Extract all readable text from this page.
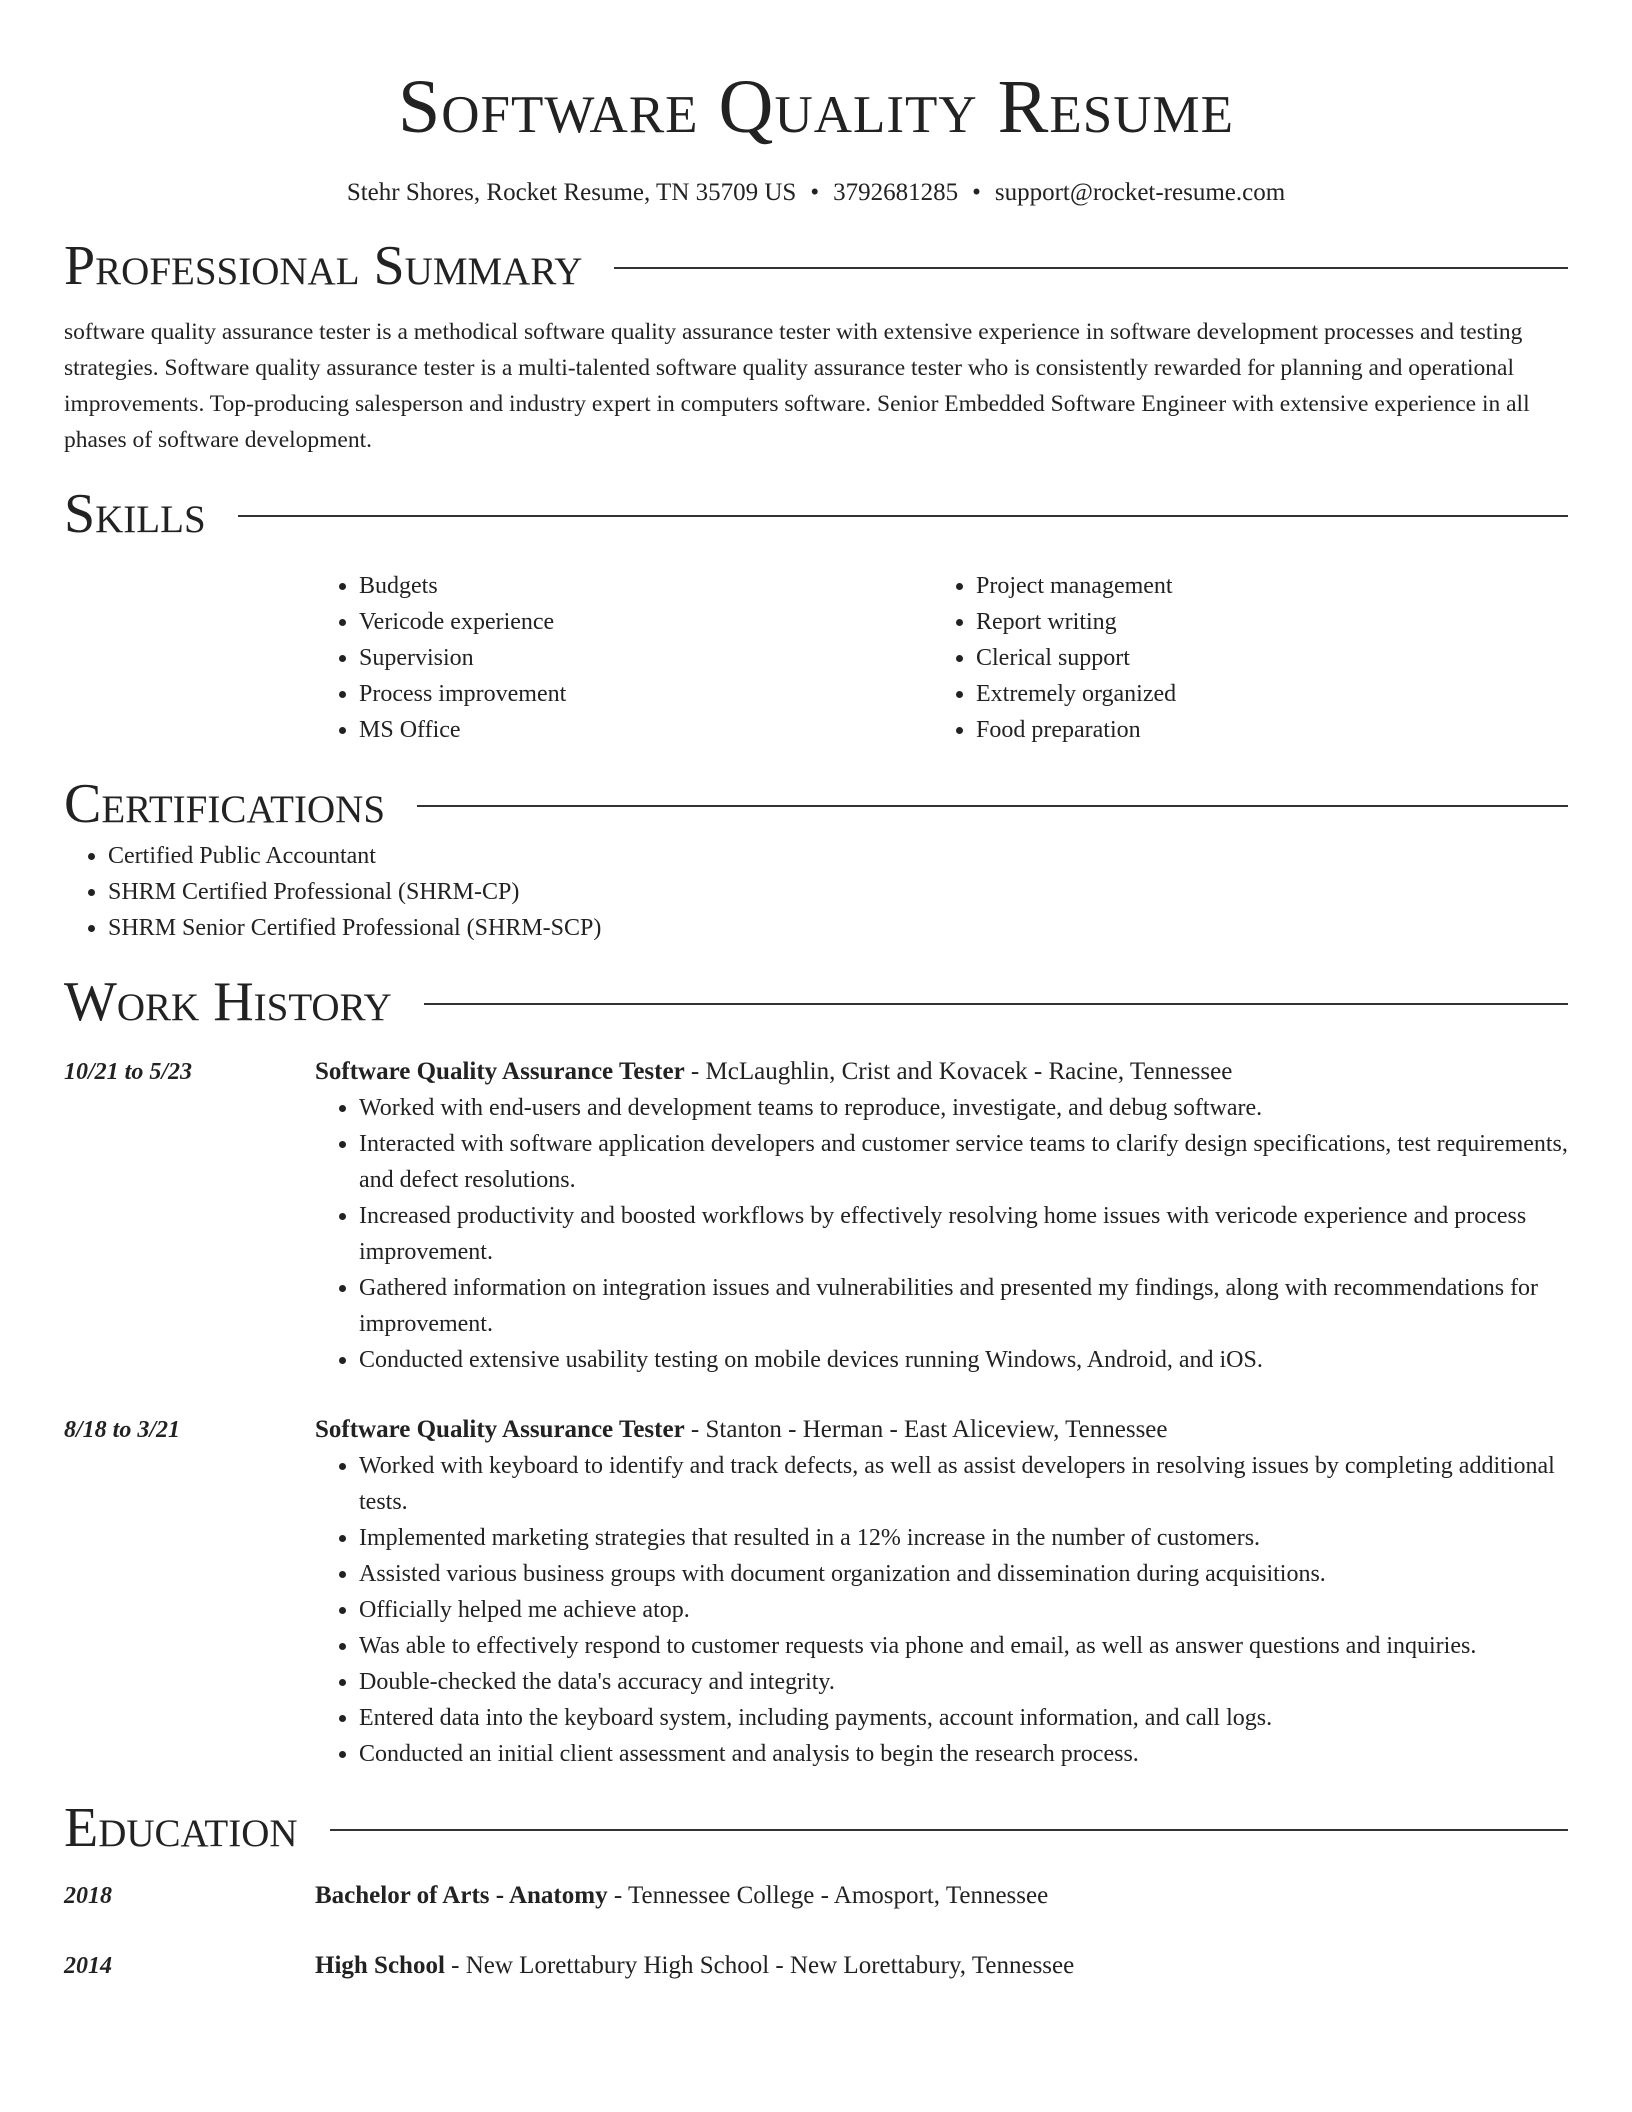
Software Quality Resume
Stehr Shores, Rocket Resume, TN 35709 US • 3792681285 • support@rocket-resume.com
Professional Summary

software quality assurance tester is a methodical software quality assurance tester with extensive experience in software development processes and testing strategies. Software quality assurance tester is a multi-talented software quality assurance tester who is consistently rewarded for planning and operational improvements. Top-producing salesperson and industry expert in computers software. Senior Embedded Software Engineer with extensive experience in all phases of software development.

Skills
• Budgets
• Vericode experience
• Supervision
• Process improvement
• MS Office
• Project management
• Report writing
• Clerical support
• Extremely organized
• Food preparation
Certifications
• Certified Public Accountant
• SHRM Certified Professional (SHRM-CP)
• SHRM Senior Certified Professional (SHRM-SCP)
Work History
10/21 to 5/23	Software Quality Assurance Tester - McLaughlin, Crist and Kovacek - Racine, Tennessee
• Worked with end-users and development teams to reproduce, investigate, and debug software.
• Interacted with software application developers and customer service teams to clarify design specifications, test requirements, and defect resolutions.
• Increased productivity and boosted workflows by effectively resolving home issues with vericode experience and process improvement.
• Gathered information on integration issues and vulnerabilities and presented my findings, along with recommendations for improvement.
• Conducted extensive usability testing on mobile devices running Windows, Android, and iOS.
8/18 to 3/21	Software Quality Assurance Tester - Stanton - Herman - East Aliceview, Tennessee
• Worked with keyboard to identify and track defects, as well as assist developers in resolving issues by completing additional tests.
• Implemented marketing strategies that resulted in a 12% increase in the number of customers.
• Assisted various business groups with document organization and dissemination during acquisitions.
• Officially helped me achieve atop.
• Was able to effectively respond to customer requests via phone and email, as well as answer questions and inquiries.
• Double-checked the data's accuracy and integrity.
• Entered data into the keyboard system, including payments, account information, and call logs.
• Conducted an initial client assessment and analysis to begin the research process.
Education
2018	Bachelor of Arts - Anatomy - Tennessee College - Amosport, Tennessee
2014	High School - New Lorettabury High School - New Lorettabury, Tennessee
